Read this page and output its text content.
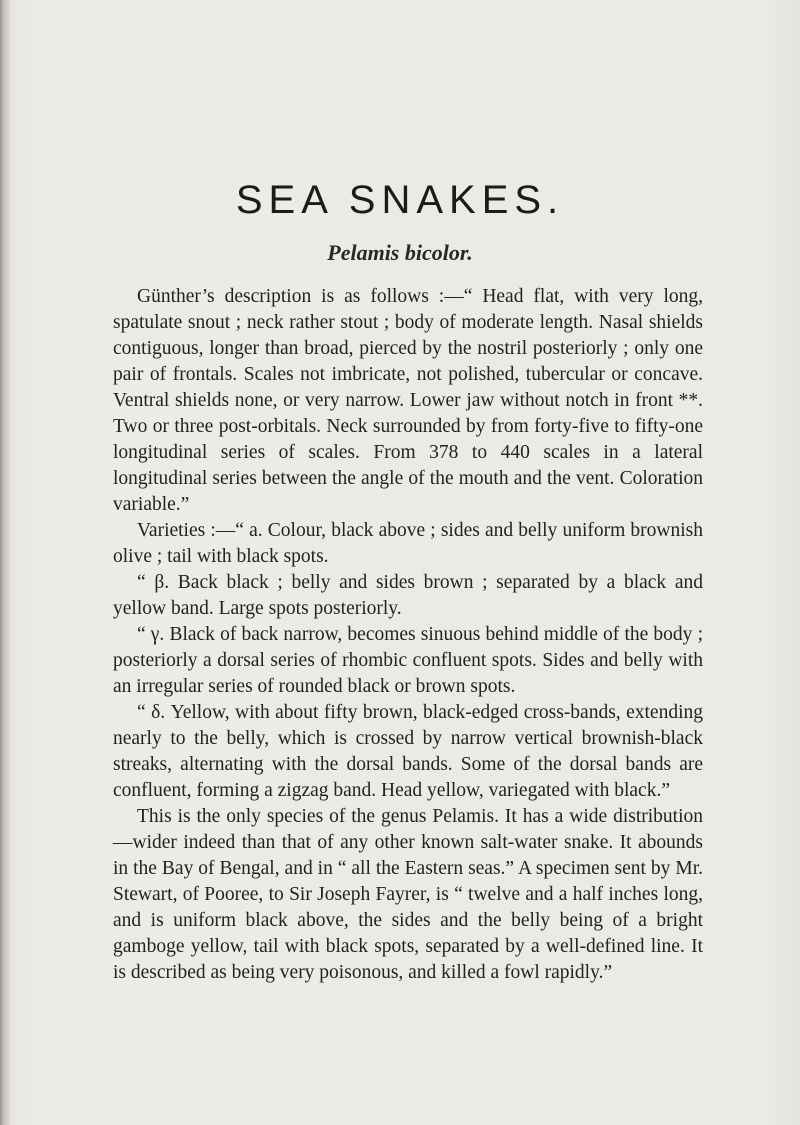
SEA SNAKES.
Pelamis bicolor.

Günther’s description is as follows :—“ Head flat, with very long, spatulate snout ; neck rather stout ; body of moderate length. Nasal shields contiguous, longer than broad, pierced by the nostril posteriorly ; only one pair of frontals. Scales not imbricate, not polished, tubercular or concave. Ventral shields none, or very narrow. Lower jaw without notch in front **. Two or three post-orbitals. Neck surrounded by from forty-five to fifty-one longitudinal series of scales. From 378 to 440 scales in a lateral longitudinal series between the angle of the mouth and the vent. Coloration variable.”

Varieties :—“ a. Colour, black above ; sides and belly uniform brownish olive ; tail with black spots.

“ β. Back black ; belly and sides brown ; separated by a black and yellow band. Large spots posteriorly.

“ γ. Black of back narrow, becomes sinuous behind middle of the body ; posteriorly a dorsal series of rhombic confluent spots. Sides and belly with an irregular series of rounded black or brown spots.

“ δ. Yellow, with about fifty brown, black-edged cross-bands, extending nearly to the belly, which is crossed by narrow vertical brownish-black streaks, alternating with the dorsal bands. Some of the dorsal bands are confluent, forming a zigzag band. Head yellow, variegated with black.”

This is the only species of the genus Pelamis. It has a wide distribution—wider indeed than that of any other known salt-water snake. It abounds in the Bay of Bengal, and in “ all the Eastern seas.” A specimen sent by Mr. Stewart, of Pooree, to Sir Joseph Fayrer, is “ twelve and a half inches long, and is uniform black above, the sides and the belly being of a bright gamboge yellow, tail with black spots, separated by a well-defined line. It is described as being very poisonous, and killed a fowl rapidly.”
